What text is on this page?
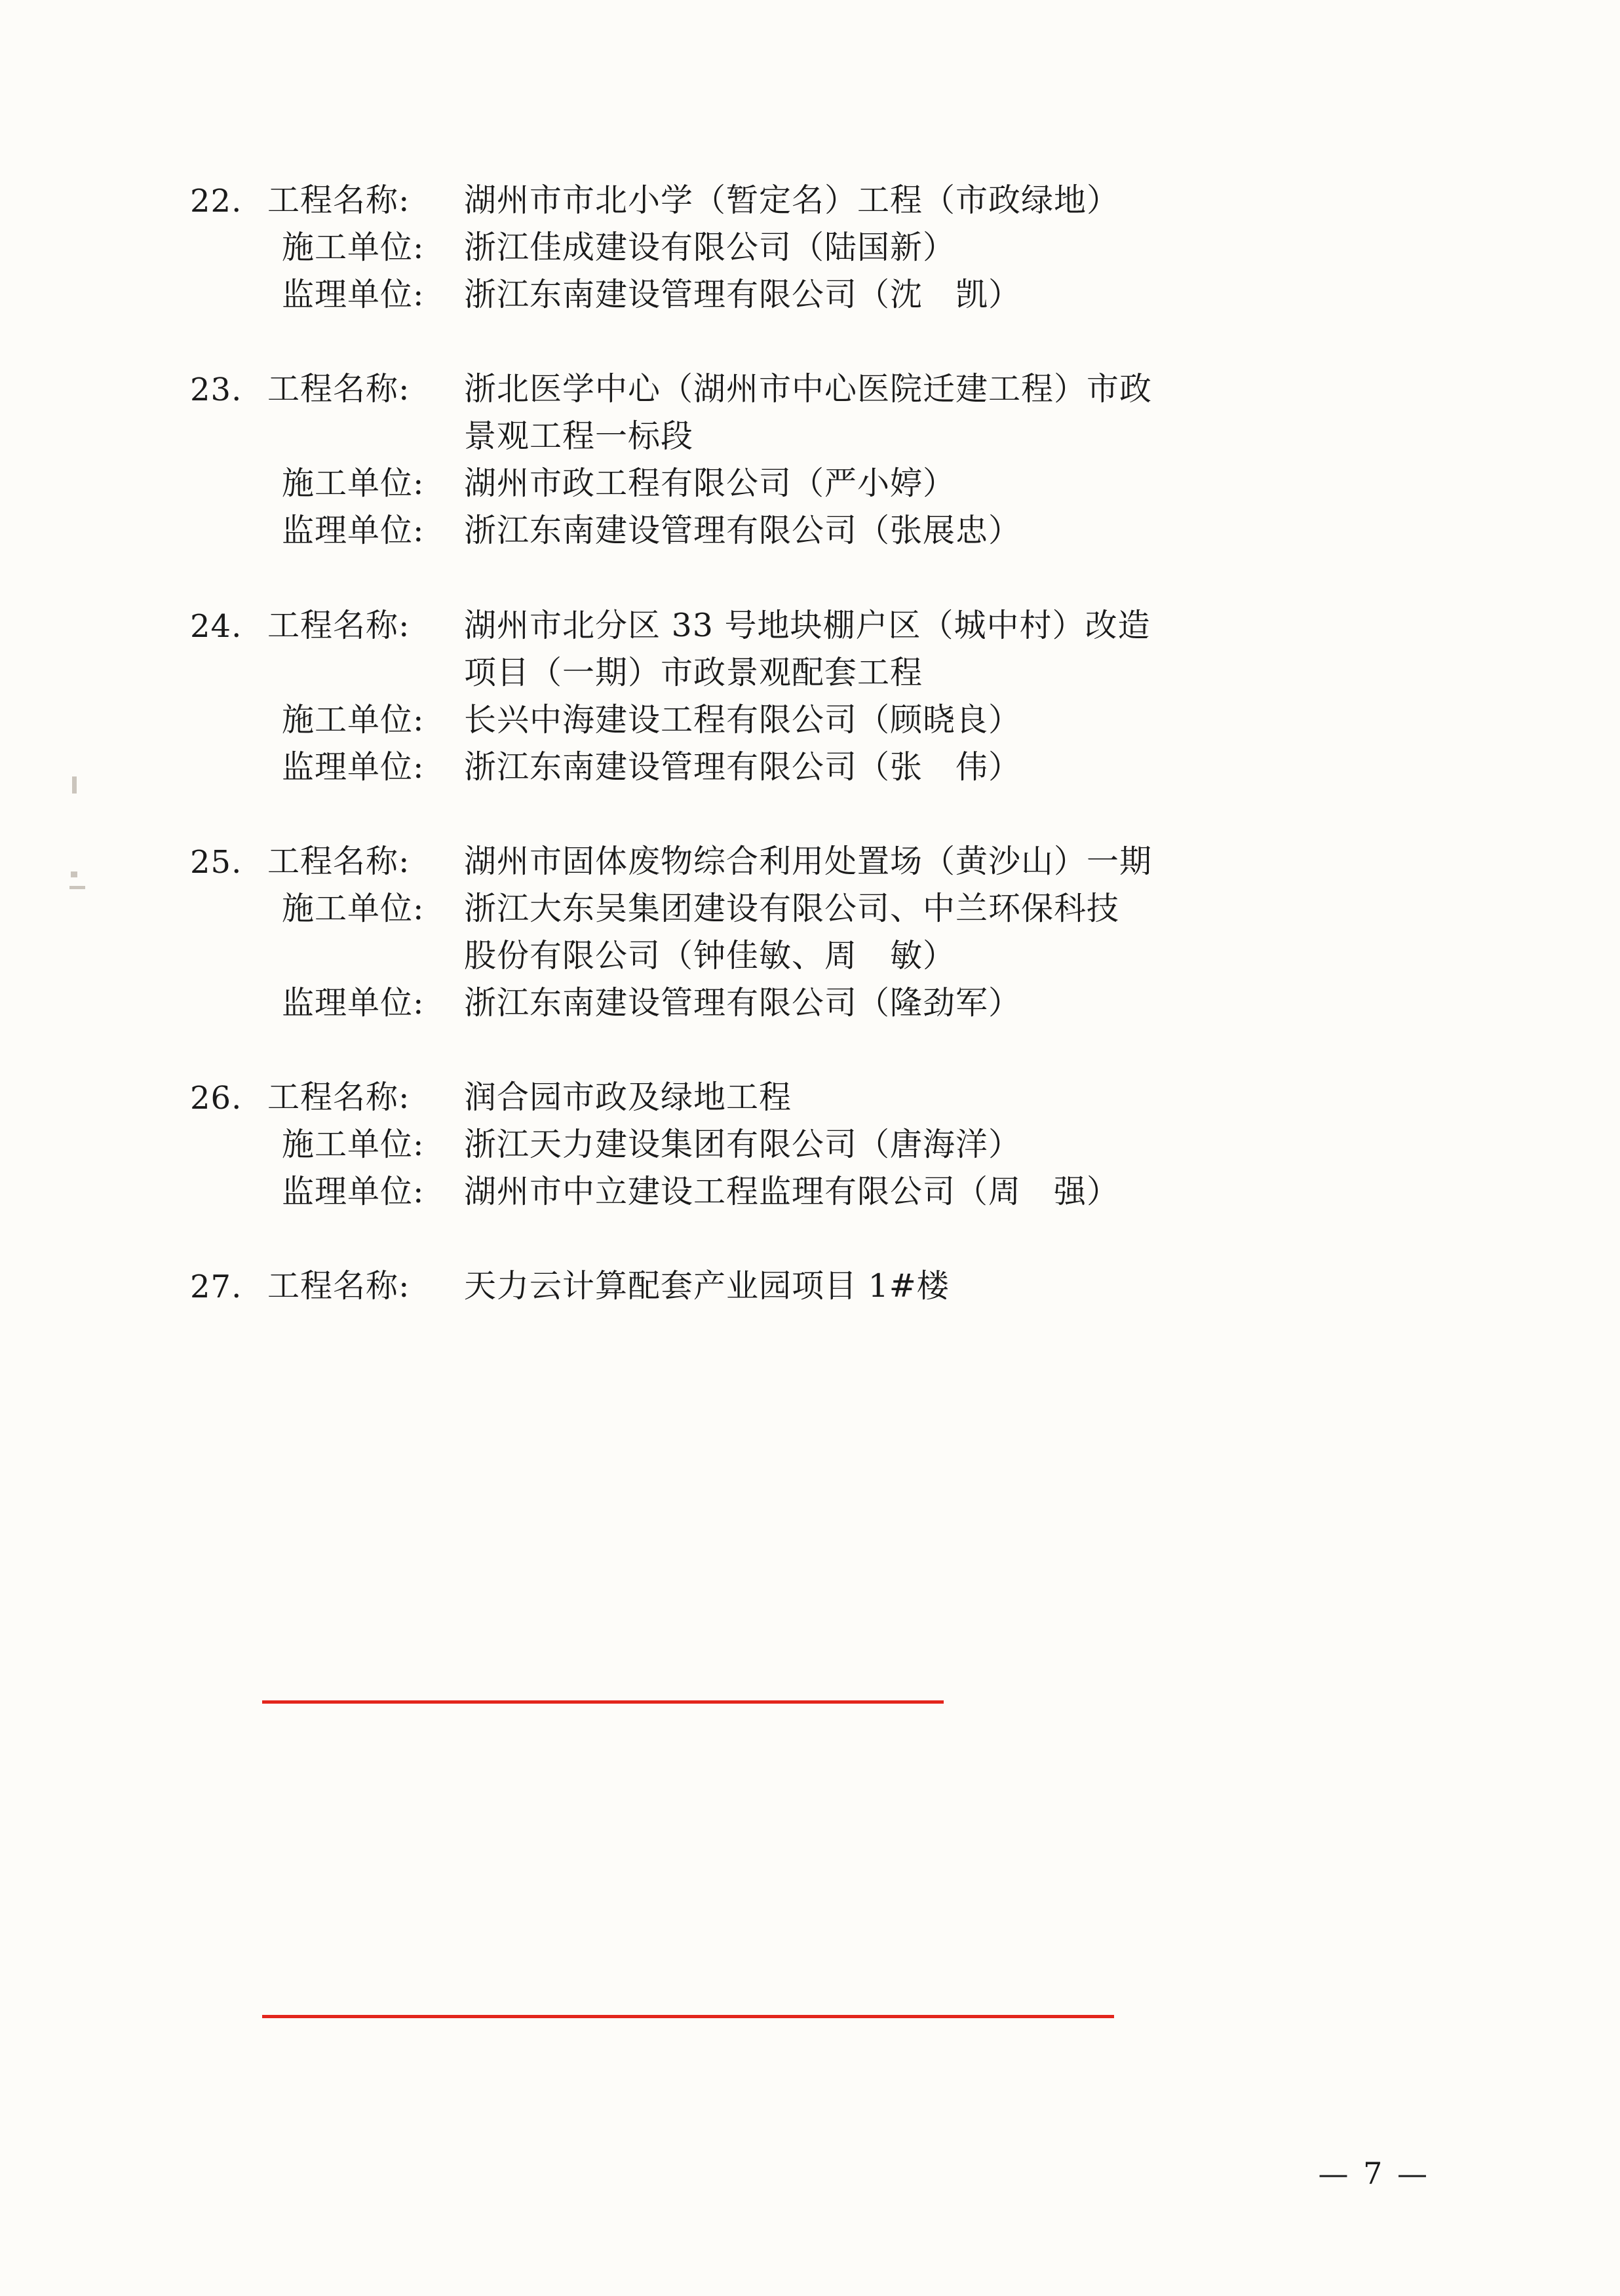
22. 工程名称:	湖州市市北小学（暂定名）工程（市政绿地）
施工单位:	浙江佳成建设有限公司（陆国新）
监理单位:	浙江东南建设管理有限公司（沈　凯）
23. 工程名称:	浙北医学中心（湖州市中心医院迁建工程）市政
景观工程一标段
施工单位:	湖州市政工程有限公司（严小婷）
监理单位:	浙江东南建设管理有限公司（张展忠）
24. 工程名称:	湖州市北分区 33 号地块棚户区（城中村）改造
项目（一期）市政景观配套工程
施工单位:	长兴中海建设工程有限公司（顾晓良）
监理单位:	浙江东南建设管理有限公司（张　伟）
25. 工程名称:	湖州市固体废物综合利用处置场（黄沙山）一期
施工单位:	浙江大东吴集团建设有限公司、中兰环保科技
股份有限公司（钟佳敏、周　敏）
监理单位:	浙江东南建设管理有限公司（隆劲军）
26. 工程名称:	润合园市政及绿地工程
施工单位:	浙江天力建设集团有限公司（唐海洋）
监理单位:	湖州市中立建设工程监理有限公司（周　强）
27. 工程名称:	天力云计算配套产业园项目 1#楼
— 7 —
